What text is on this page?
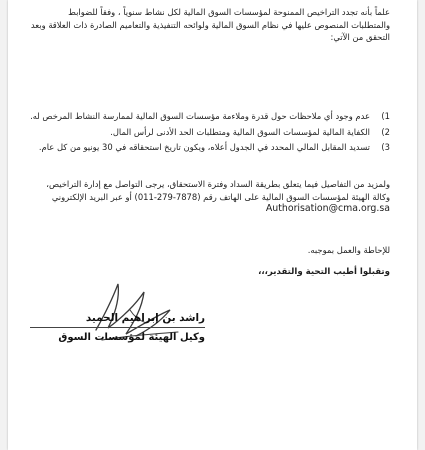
علماً بأنه تجدد التراخيص الممنوحة لمؤسسات السوق المالية لكل نشاط سنوياً ، وفقاً للضوابط والمتطلبات المنصوص عليها في نظام السوق المالية ولوائحه التنفيذية والتعاميم الصادرة ذات العلاقة وبعد التحقق من الآتي:

1)
عدم وجود أي ملاحظات حول قدرة وملاءمة مؤسسات السوق المالية لممارسة النشاط المرخص له.
2)
الكفاية المالية لمؤسسات السوق المالية ومتطلبات الحد الأدنى لرأس المال.
3)
تسديد المقابل المالي المحدد في الجدول أعلاه، ويكون تاريخ استحقاقه في 30 يونيو من كل عام.

ولمزيد من التفاصيل فيما يتعلق بطريقة السداد وفترة الاستحقاق، يرجى التواصل مع إدارة التراخيص، وكالة الهيئة لمؤسسات السوق المالية على الهاتف رقم (7878-279-011) أو عبر البريد الإلكتروني
Authorisation@cma.org.sa

للإحاطة والعمل بموجبه.

وتقبلوا أطيب التحية والتقدير،،،

راشد بن إبراهيم الحميد
وكيل الهيئة لمؤسسات السوق
